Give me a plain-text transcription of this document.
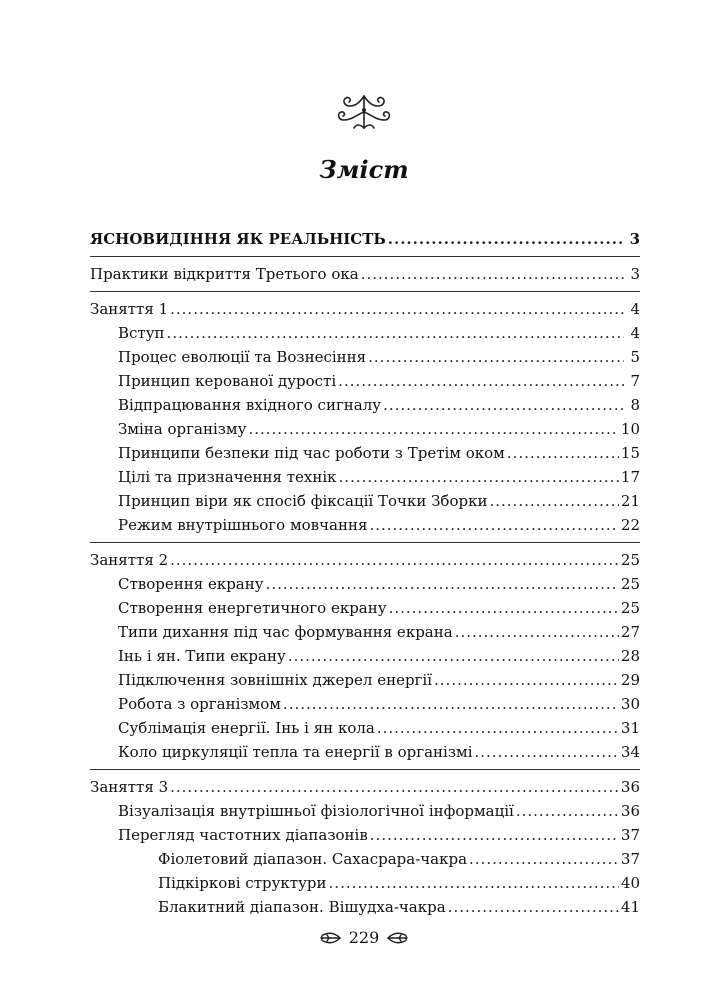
Зміст
ЯСНОВИДІННЯ ЯК РЕАЛЬНІСТЬ .....	3
Практики відкриття Третього ока .....	3
Заняття 1 .....	4
Вступ .....	4
Процес еволюції та Вознесіння .....	5
Принцип керованої дурості .....	7
Відпрацювання вхідного сигналу .....	8
Зміна організму .....	10
Принципи безпеки під час роботи з Третім оком .....	15
Цілі та призначення технік .....	17
Принцип віри як спосіб фіксації Точки Зборки .....	21
Режим внутрішнього мовчання .....	22
Заняття 2 .....	25
Створення екрану .....	25
Створення енергетичного екрану .....	25
Типи дихання під час формування екрана .....	27
Інь і ян. Типи екрану .....	28
Підключення зовнішніх джерел енергії .....	29
Робота з організмом .....	30
Сублімація енергії. Інь і ян кола .....	31
Коло циркуляції тепла та енергії в організмі .....	34
Заняття 3 .....	36
Візуалізація внутрішньої фізіологічної інформації .....	36
Перегляд частотних діапазонів .....	37
Фіолетовий діапазон. Сахасрара-чакра .....	37
Підкіркові структури .....	40
Блакитний діапазон. Вішудха-чакра .....	41
229
